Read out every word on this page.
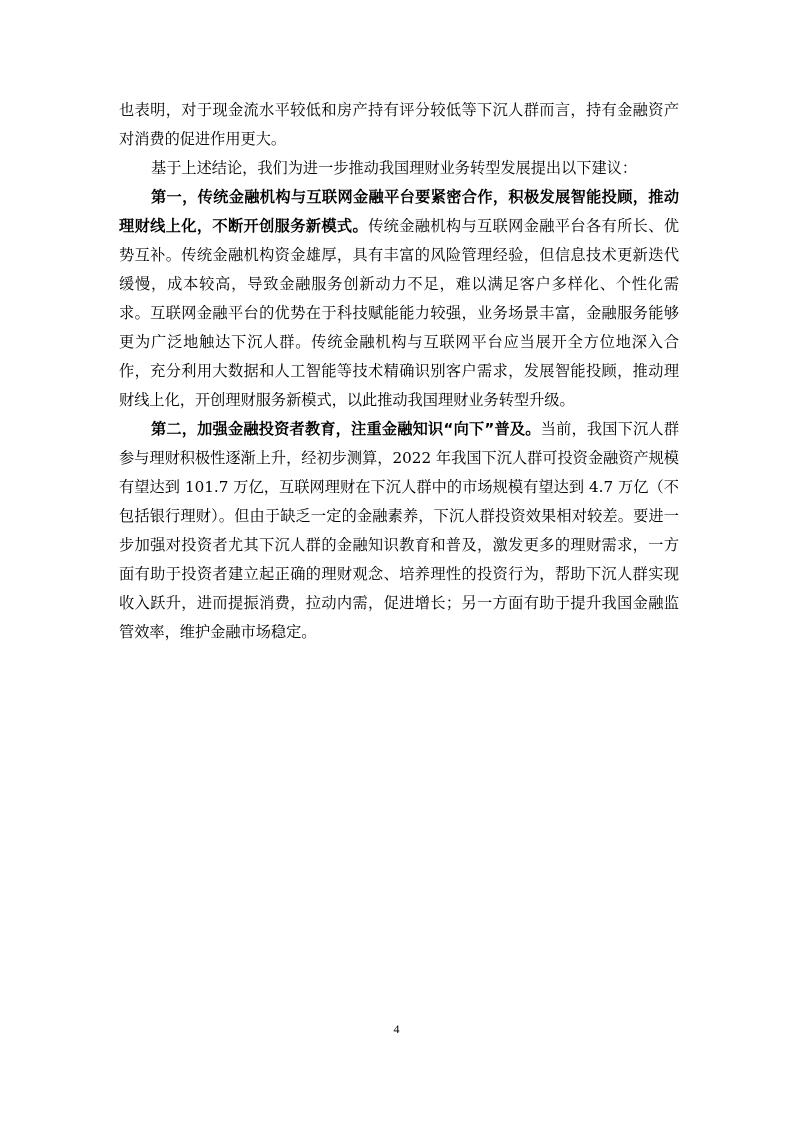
也表明，对于现金流水平较低和房产持有评分较低等下沉人群而言，持有金融资产对消费的促进作用更大。

基于上述结论，我们为进一步推动我国理财业务转型发展提出以下建议：

第一，传统金融机构与互联网金融平台要紧密合作，积极发展智能投顾，推动理财线上化，不断开创服务新模式。传统金融机构与互联网金融平台各有所长、优势互补。传统金融机构资金雄厚，具有丰富的风险管理经验，但信息技术更新迭代缓慢，成本较高，导致金融服务创新动力不足，难以满足客户多样化、个性化需求。互联网金融平台的优势在于科技赋能能力较强，业务场景丰富，金融服务能够更为广泛地触达下沉人群。传统金融机构与互联网平台应当展开全方位地深入合作，充分利用大数据和人工智能等技术精确识别客户需求，发展智能投顾，推动理财线上化，开创理财服务新模式，以此推动我国理财业务转型升级。

第二，加强金融投资者教育，注重金融知识“向下”普及。当前，我国下沉人群参与理财积极性逐渐上升，经初步测算，2022 年我国下沉人群可投资金融资产规模有望达到 101.7 万亿，互联网理财在下沉人群中的市场规模有望达到 4.7 万亿（不包括银行理财）。但由于缺乏一定的金融素养，下沉人群投资效果相对较差。要进一步加强对投资者尤其下沉人群的金融知识教育和普及，激发更多的理财需求，一方面有助于投资者建立起正确的理财观念、培养理性的投资行为，帮助下沉人群实现收入跃升，进而提振消费，拉动内需，促进增长；另一方面有助于提升我国金融监管效率，维护金融市场稳定。

4
